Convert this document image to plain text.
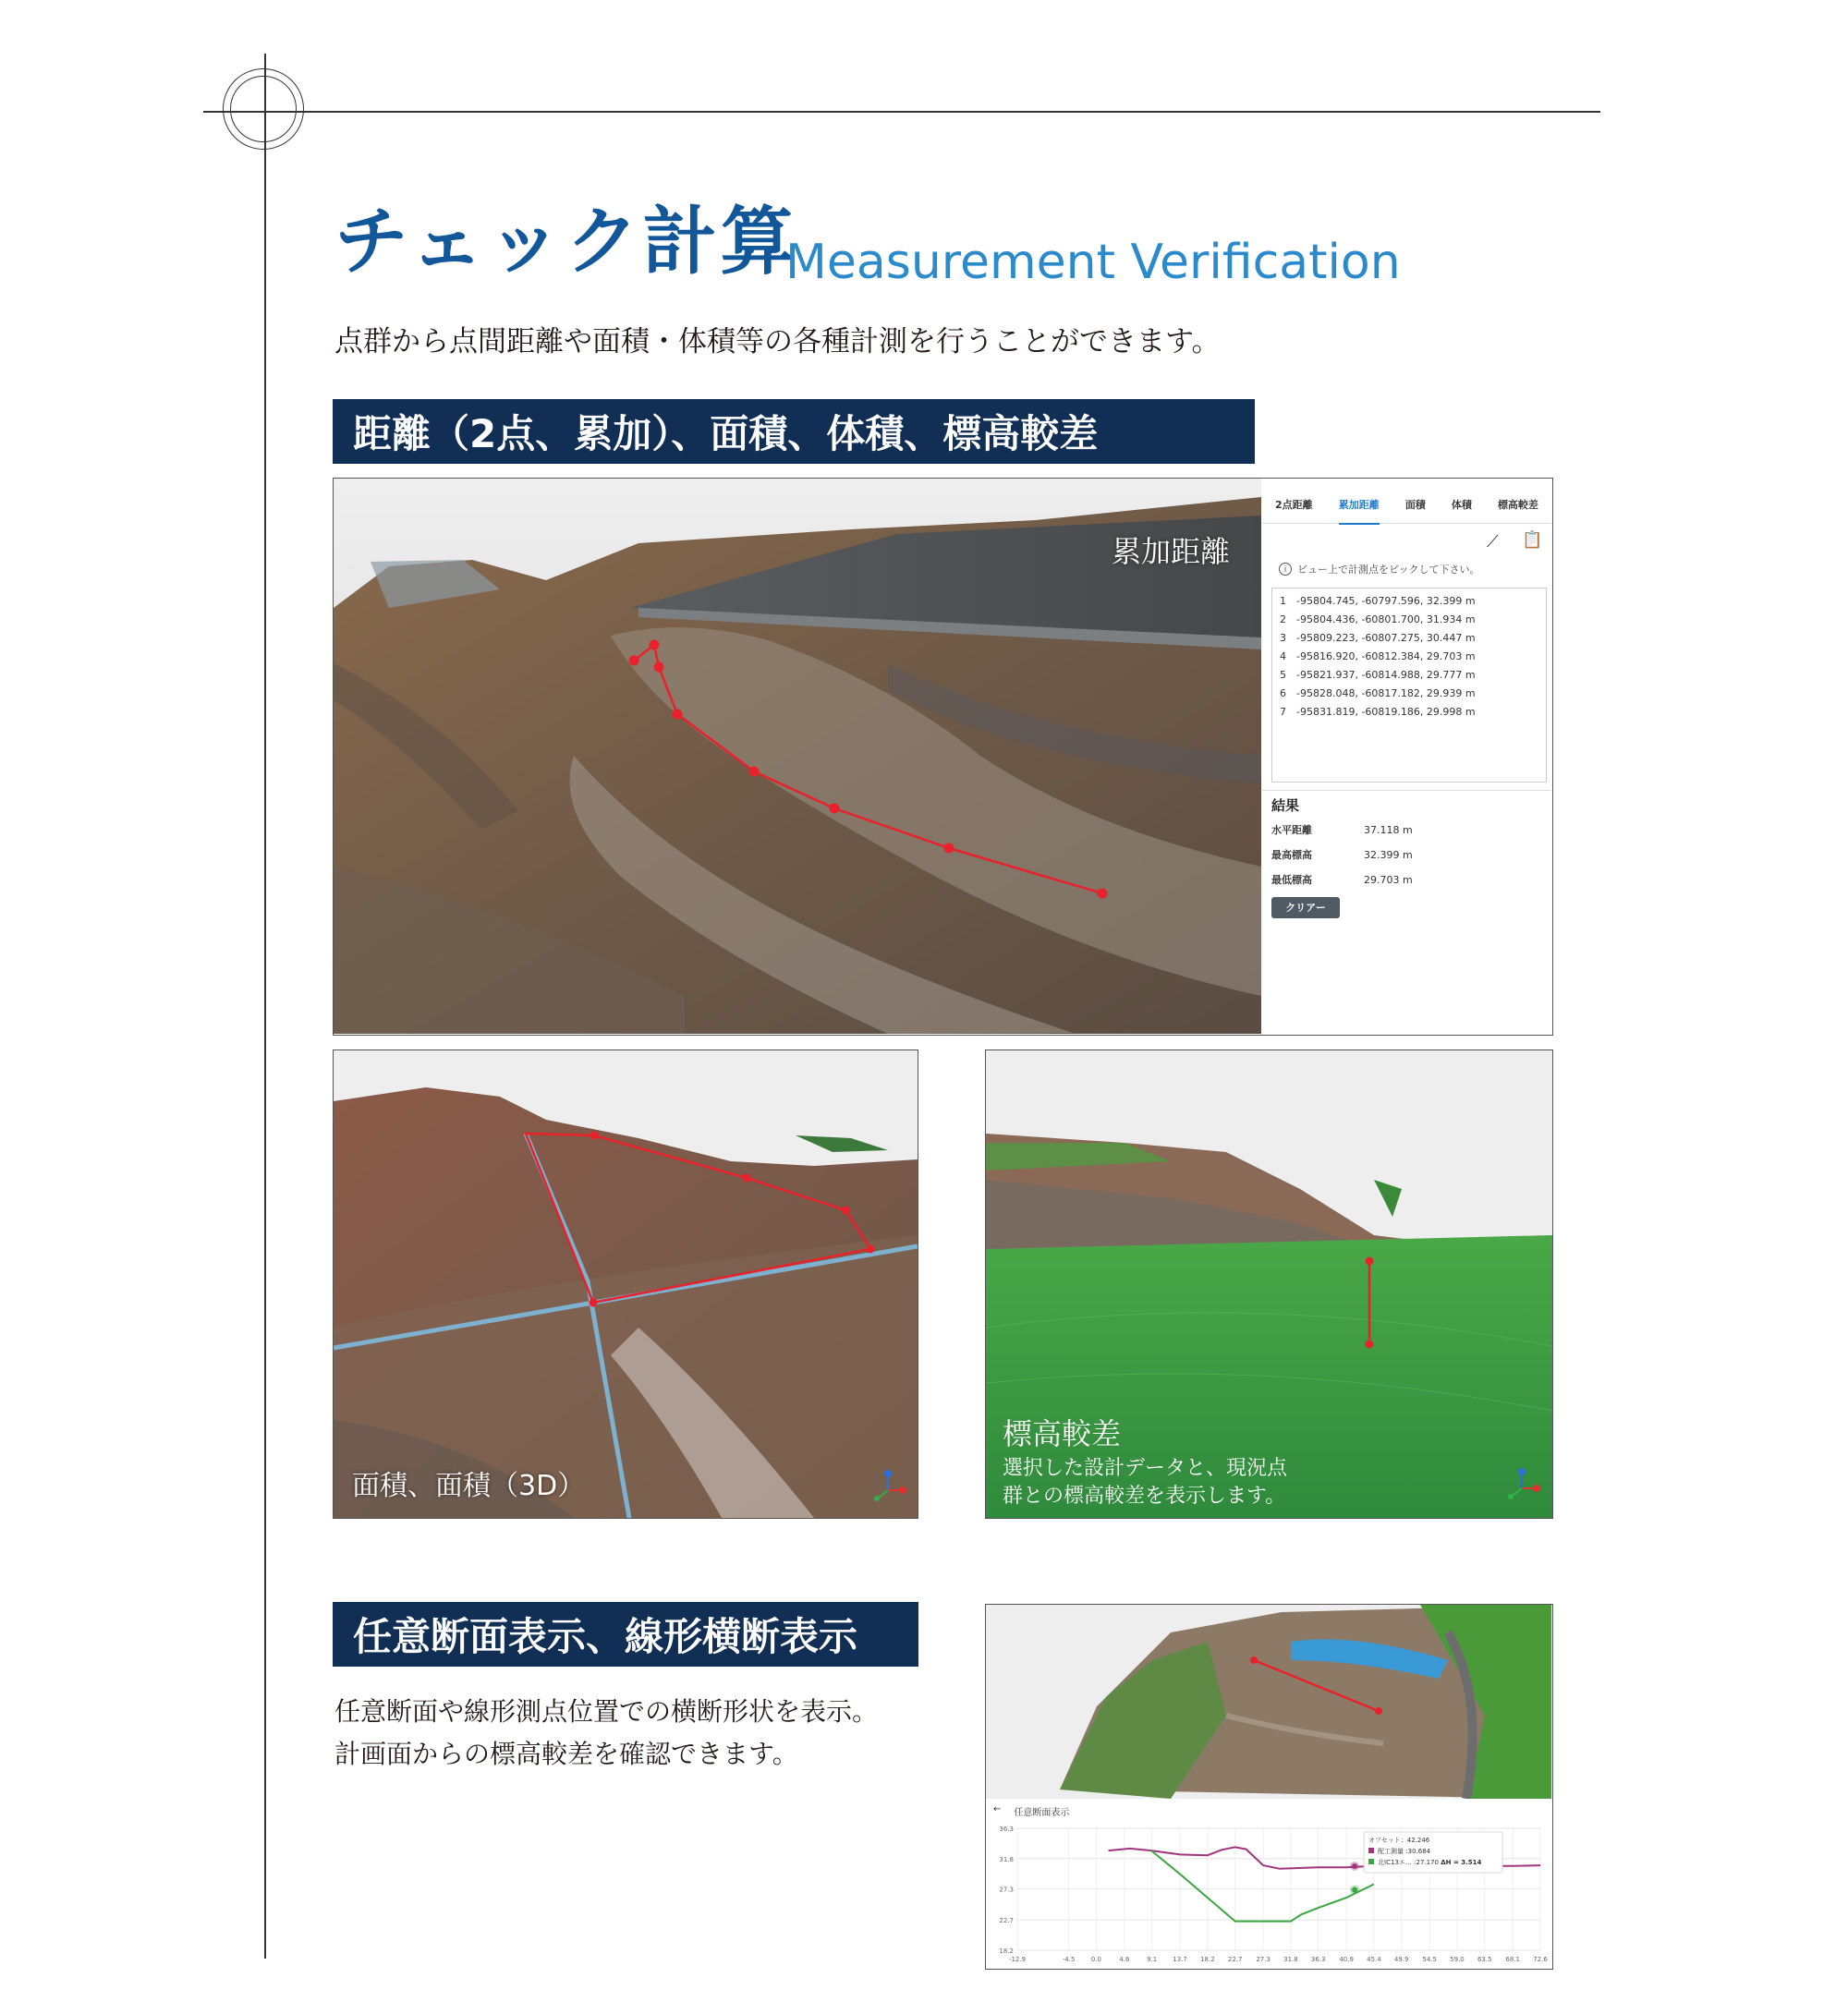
チェック計算
Measurement Verification
点群から点間距離や面積・体積等の各種計測を行うことができます。
距離（2点、累加）、面積、体積、標高較差
累加距離
2点距離	累加距離	面積	体積	標高較差
⟋ 📋
i	ビュー上で計測点をピックして下さい。
1 -95804.745, -60797.596, 32.399 m
2 -95804.436, -60801.700, 31.934 m
3 -95809.223, -60807.275, 30.447 m
4 -95816.920, -60812.384, 29.703 m
5 -95821.937, -60814.988, 29.777 m
6 -95828.048, -60817.182, 29.939 m
7 -95831.819, -60819.186, 29.998 m
結果
水平距離	37.118 m
最高標高	32.399 m
最低標高	29.703 m
クリアー
面積、面積（3D）
標高較差
選択した設計データと、現況点
群との標高較差を表示します。
任意断面表示、線形横断表示
任意断面や線形測点位置での横断形状を表示。
計画面からの標高較差を確認できます。
← 任意断面表示
18.2
22.7
27.3
31.8
36.3
-12.9	-4.5 0.0	4.6	9.1 13.7 18.2 22.7 27.3 31.8 36.3 40.9 45.4 49.9 54.5 59.0 63.5 68.1 72.6
オフセット：42.246
配工測量 :30.684
北IC13エ… :27.170 ΔH = 3.514
